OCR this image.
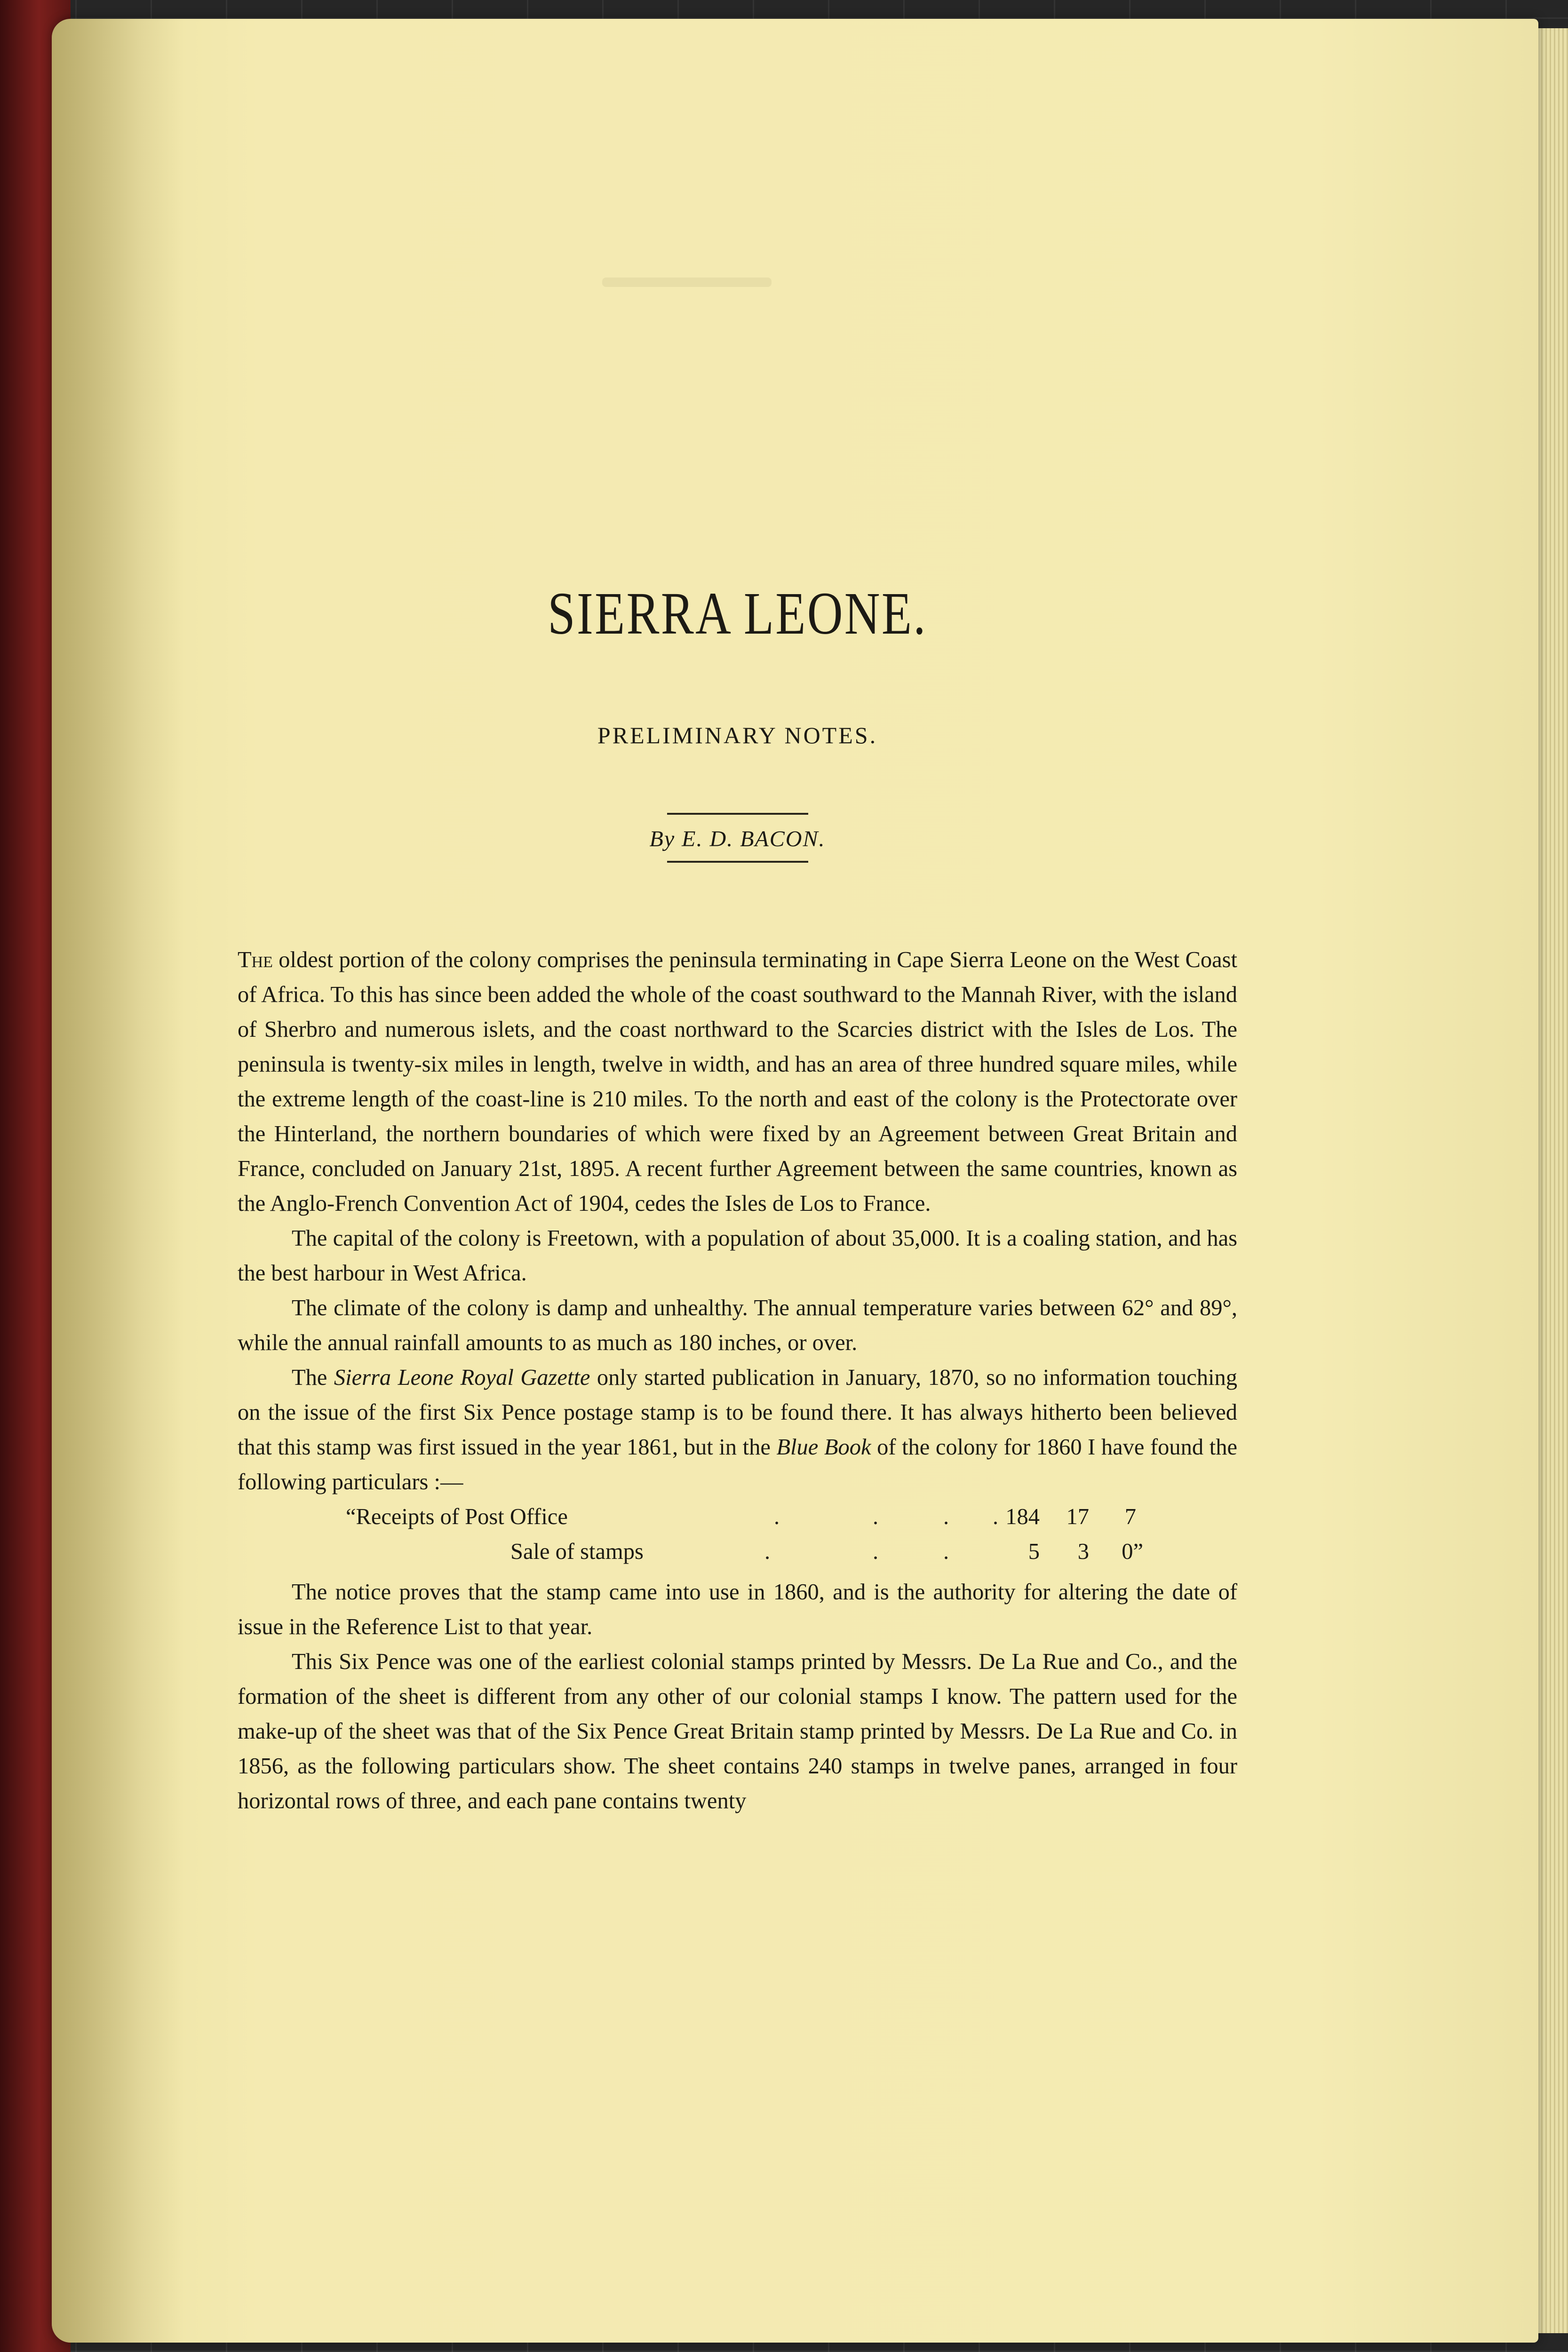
SIERRA LEONE.
PRELIMINARY NOTES.
By E. D. BACON.

The oldest portion of the colony comprises the peninsula terminating in Cape Sierra Leone on the West Coast of Africa. To this has since been added the whole of the coast southward to the Mannah River, with the island of Sherbro and numerous islets, and the coast northward to the Scarcies district with the Isles de Los. The peninsula is twenty-six miles in length, twelve in width, and has an area of three hundred square miles, while the extreme length of the coast-line is 210 miles. To the north and east of the colony is the Protectorate over the Hinterland, the northern boundaries of which were fixed by an Agreement between Great Britain and France, concluded on January 21st, 1895. A recent further Agreement between the same countries, known as the Anglo-French Convention Act of 1904, cedes the Isles de Los to France.

The capital of the colony is Freetown, with a population of about 35,000. It is a coaling station, and has the best harbour in West Africa.

The climate of the colony is damp and unhealthy. The annual temperature varies between 62° and 89°, while the annual rainfall amounts to as much as 180 inches, or over.

The Sierra Leone Royal Gazette only started publication in January, 1870, so no information touching on the issue of the first Six Pence postage stamp is to be found there. It has always hitherto been believed that this stamp was first issued in the year 1861, but in the Blue Book of the colony for 1860 I have found the following particulars :—

“Receipts of Post Office	.	.	. . 184	17	7
Sale of stamps	.	.	.	5	3	0”

The notice proves that the stamp came into use in 1860, and is the authority for altering the date of issue in the Reference List to that year.

This Six Pence was one of the earliest colonial stamps printed by Messrs. De La Rue and Co., and the formation of the sheet is different from any other of our colonial stamps I know. The pattern used for the make-up of the sheet was that of the Six Pence Great Britain stamp printed by Messrs. De La Rue and Co. in 1856, as the following particulars show. The sheet contains 240 stamps in twelve panes, arranged in four horizontal rows of three, and each pane contains twenty
